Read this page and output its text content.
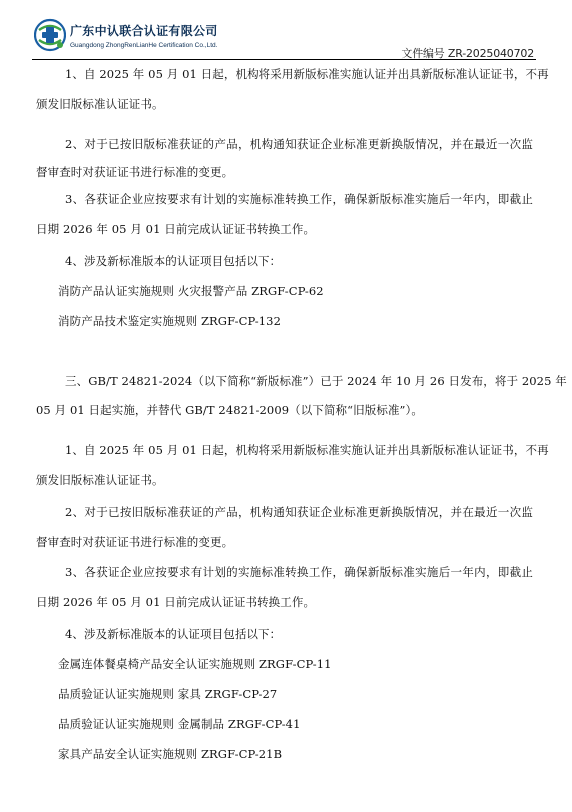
广东中认联合认证有限公司
Guangdong ZhongRenLianHe Certification Co.,Ltd.
文件编号 ZR-2025040702
1、自 2025 年 05 月 01 日起，机构将采用新版标准实施认证并出具新版标准认证证书，不再
颁发旧版标准认证证书。
2、对于已按旧版标准获证的产品，机构通知获证企业标准更新换版情况，并在最近一次监
督审查时对获证证书进行标准的变更。
3、各获证企业应按要求有计划的实施标准转换工作，确保新版标准实施后一年内，即截止
日期 2026 年 05 月 01 日前完成认证证书转换工作。
4、涉及新标准版本的认证项目包括以下：
消防产品认证实施规则 火灾报警产品 ZRGF-CP-62
消防产品技术鉴定实施规则 ZRGF-CP-132
三、GB/T 24821-2024（以下简称“新版标准”）已于 2024 年 10 月 26 日发布，将于 2025 年
05 月 01 日起实施，并替代 GB/T 24821-2009（以下简称“旧版标准”）。
1、自 2025 年 05 月 01 日起，机构将采用新版标准实施认证并出具新版标准认证证书，不再
颁发旧版标准认证证书。
2、对于已按旧版标准获证的产品，机构通知获证企业标准更新换版情况，并在最近一次监
督审查时对获证证书进行标准的变更。
3、各获证企业应按要求有计划的实施标准转换工作，确保新版标准实施后一年内，即截止
日期 2026 年 05 月 01 日前完成认证证书转换工作。
4、涉及新标准版本的认证项目包括以下：
金属连体餐桌椅产品安全认证实施规则 ZRGF-CP-11
品质验证认证实施规则 家具 ZRGF-CP-27
品质验证认证实施规则 金属制品 ZRGF-CP-41
家具产品安全认证实施规则 ZRGF-CP-21B
